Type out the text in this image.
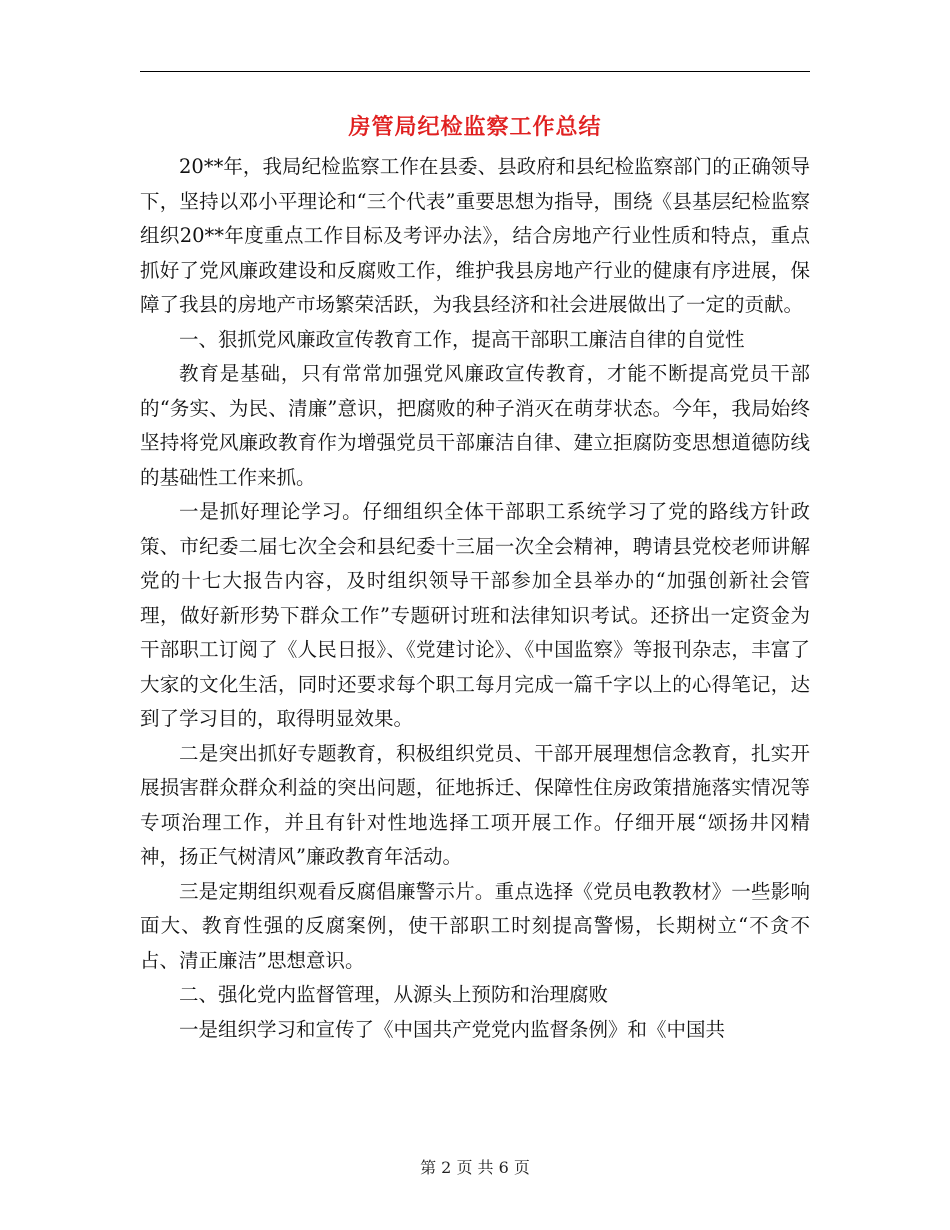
房管局纪检监察工作总结

20**年，我局纪检监察工作在县委、县政府和县纪检监察部门的正确领导下，坚持以邓小平理论和“三个代表”重要思想为指导，围绕《县基层纪检监察组织20**年度重点工作目标及考评办法》，结合房地产行业性质和特点，重点抓好了党风廉政建设和反腐败工作，维护我县房地产行业的健康有序进展，保障了我县的房地产市场繁荣活跃，为我县经济和社会进展做出了一定的贡献。

一、狠抓党风廉政宣传教育工作，提高干部职工廉洁自律的自觉性

教育是基础，只有常常加强党风廉政宣传教育，才能不断提高党员干部的“务实、为民、清廉”意识，把腐败的种子消灭在萌芽状态。今年，我局始终坚持将党风廉政教育作为增强党员干部廉洁自律、建立拒腐防变思想道德防线的基础性工作来抓。

一是抓好理论学习。仔细组织全体干部职工系统学习了党的路线方针政策、市纪委二届七次全会和县纪委十三届一次全会精神，聘请县党校老师讲解党的十七大报告内容，及时组织领导干部参加全县举办的“加强创新社会管理，做好新形势下群众工作”专题研讨班和法律知识考试。还挤出一定资金为干部职工订阅了《人民日报》、《党建讨论》、《中国监察》等报刊杂志，丰富了大家的文化生活，同时还要求每个职工每月完成一篇千字以上的心得笔记，达到了学习目的，取得明显效果。

二是突出抓好专题教育，积极组织党员、干部开展理想信念教育，扎实开展损害群众群众利益的突出问题，征地拆迁、保障性住房政策措施落实情况等专项治理工作，并且有针对性地选择工项开展工作。仔细开展“颂扬井冈精神，扬正气树清风”廉政教育年活动。

三是定期组织观看反腐倡廉警示片。重点选择《党员电教教材》一些影响面大、教育性强的反腐案例，使干部职工时刻提高警惕，长期树立“不贪不占、清正廉洁”思想意识。

二、强化党内监督管理，从源头上预防和治理腐败

一是组织学习和宣传了《中国共产党党内监督条例》和《中国共

第 2 页 共 6 页
